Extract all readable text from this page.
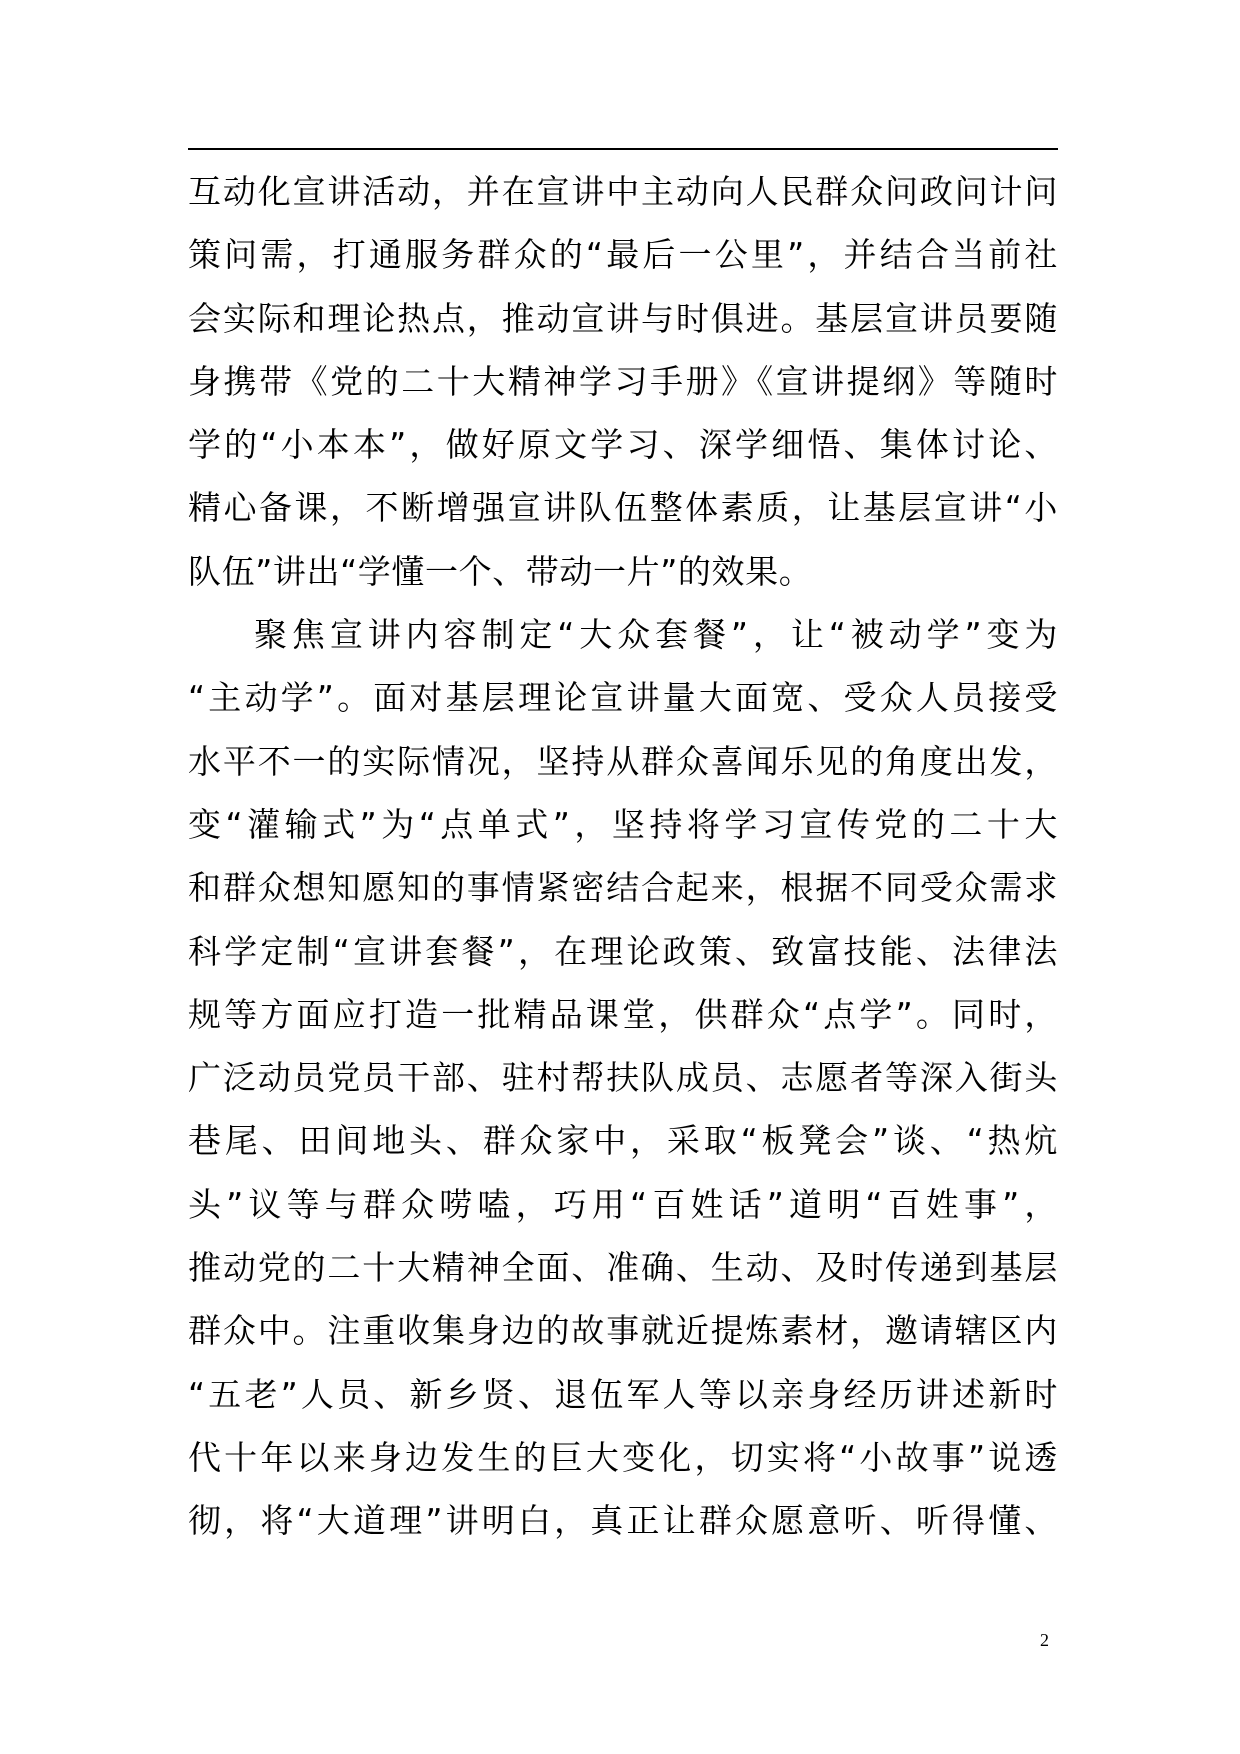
互动化宣讲活动，并在宣讲中主动向人民群众问政问计问
策问需，打通服务群众的“最后一公里”，并结合当前社
会实际和理论热点，推动宣讲与时俱进。基层宣讲员要随
身携带《党的二十大精神学习手册》《宣讲提纲》等随时
学的“小本本”，做好原文学习、深学细悟、集体讨论、
精心备课，不断增强宣讲队伍整体素质，让基层宣讲“小
队伍”讲出“学懂一个、带动一片”的效果。
聚焦宣讲内容制定“大众套餐”，让“被动学”变为
“主动学”。面对基层理论宣讲量大面宽、受众人员接受
水平不一的实际情况，坚持从群众喜闻乐见的角度出发，
变“灌输式”为“点单式”，坚持将学习宣传党的二十大
和群众想知愿知的事情紧密结合起来，根据不同受众需求
科学定制“宣讲套餐”，在理论政策、致富技能、法律法
规等方面应打造一批精品课堂，供群众“点学”。同时，
广泛动员党员干部、驻村帮扶队成员、志愿者等深入街头
巷尾、田间地头、群众家中，采取“板凳会”谈、“热炕
头”议等与群众唠嗑，巧用“百姓话”道明“百姓事”，
推动党的二十大精神全面、准确、生动、及时传递到基层
群众中。注重收集身边的故事就近提炼素材，邀请辖区内
“五老”人员、新乡贤、退伍军人等以亲身经历讲述新时
代十年以来身边发生的巨大变化，切实将“小故事”说透
彻，将“大道理”讲明白，真正让群众愿意听、听得懂、
2
